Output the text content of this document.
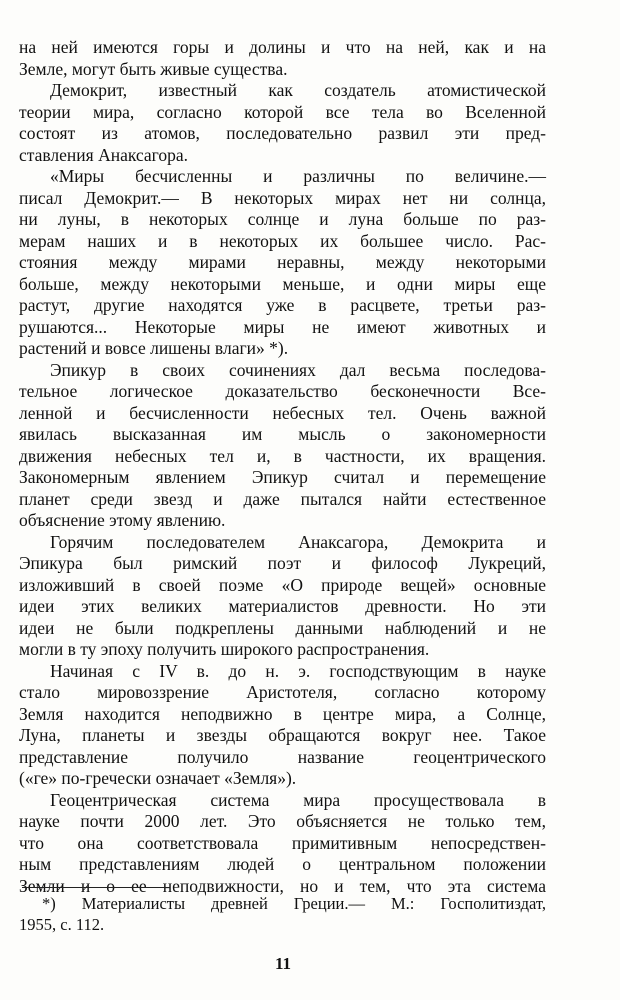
на ней имеются горы и долины и что на ней, как и на
Земле, могут быть живые существа.
Демокрит, известный как создатель атомистической
теории мира, согласно которой все тела во Вселенной
состоят из атомов, последовательно развил эти пред-
ставления Анаксагора.
«Миры бесчисленны и различны по величине.—
писал Демокрит.— В некоторых мирах нет ни солнца,
ни луны, в некоторых солнце и луна больше по раз-
мерам наших и в некоторых их большее число. Рас-
стояния между мирами неравны, между некоторыми
больше, между некоторыми меньше, и одни миры еще
растут, другие находятся уже в расцвете, третьи раз-
рушаются... Некоторые миры не имеют животных и
растений и вовсе лишены влаги» *).
Эпикур в своих сочинениях дал весьма последова-
тельное логическое доказательство бесконечности Все-
ленной и бесчисленности небесных тел. Очень важной
явилась высказанная им мысль о закономерности
движения небесных тел и, в частности, их вращения.
Закономерным явлением Эпикур считал и перемещение
планет среди звезд и даже пытался найти естественное
объяснение этому явлению.
Горячим последователем Анаксагора, Демокрита и
Эпикура был римский поэт и философ Лукреций,
изложивший в своей поэме «О природе вещей» основные
идеи этих великих материалистов древности. Но эти
идеи не были подкреплены данными наблюдений и не
могли в ту эпоху получить широкого распространения.
Начиная с IV в. до н. э. господствующим в науке
стало мировоззрение Аристотеля, согласно которому
Земля находится неподвижно в центре мира, а Солнце,
Луна, планеты и звезды обращаются вокруг нее. Такое
представление получило название геоцентрического
(«ге» по-гречески означает «Земля»).
Геоцентрическая система мира просуществовала в
науке почти 2000 лет. Это объясняется не только тем,
что она соответствовала примитивным непосредствен-
ным представлениям людей о центральном положении
Земли и о ее неподвижности, но и тем, что эта система
*) Материалисты древней Греции.— М.: Госполитиздат,
1955, с. 112.
11
